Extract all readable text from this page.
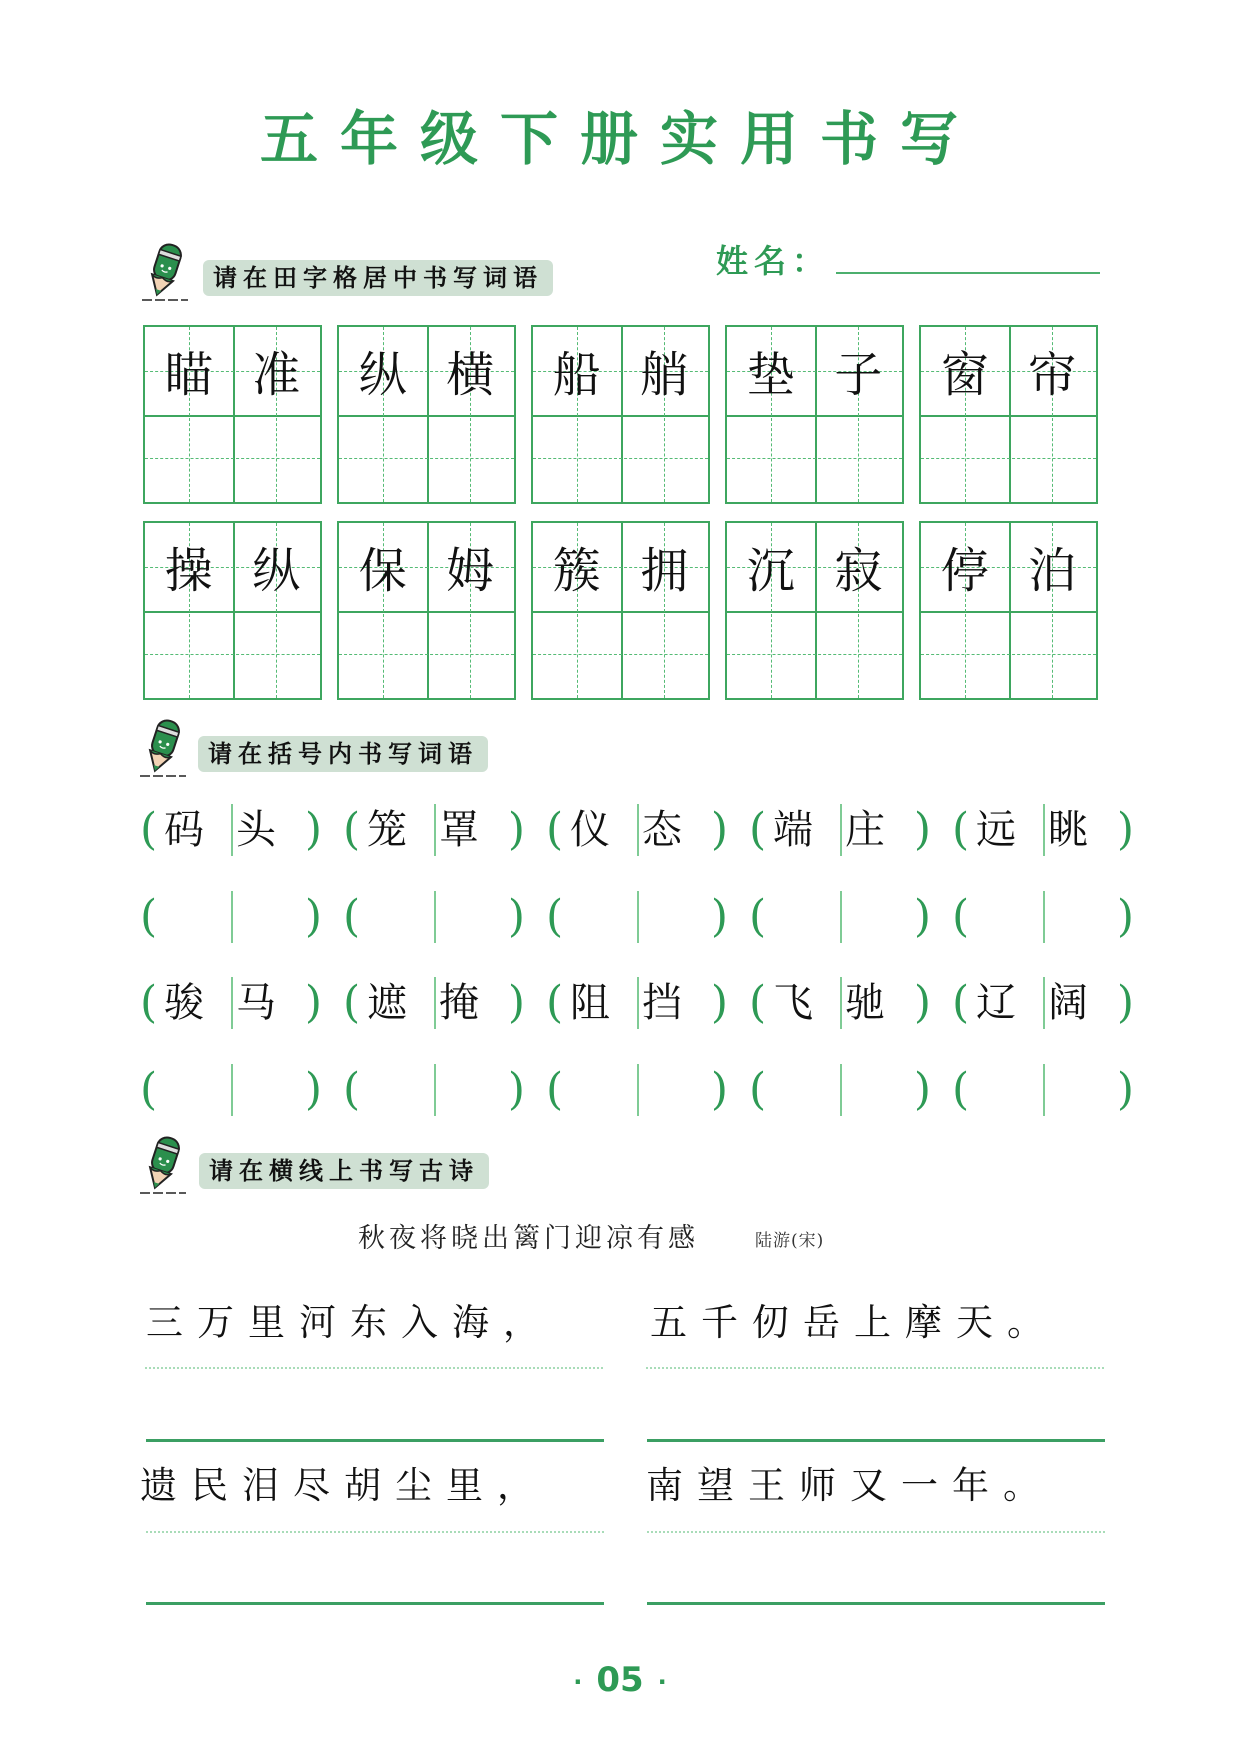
五年级下册实用书写
请在田字格居中书写词语	姓名：
瞄 准	纵 横	船 艄	垫 子	窗 帘
操 纵	保 姆	簇 拥	沉 寂	停 泊
请在括号内书写词语
( 码 头 ) ( 笼 罩 ) ( 仪 态 ) ( 端 庄 ) ( 远 眺 )
(	) (	) (	) (	) (	)
( 骏 马 ) ( 遮 掩 ) ( 阻 挡 ) ( 飞 驰 ) ( 辽 阔 )
(	) (	) (	) (	) (	)
请在横线上书写古诗
秋夜将晓出篱门迎凉有感	陆游(宋)
三万里河东入海，	五千仞岳上摩天。
遗民泪尽胡尘里，	南望王师又一年。
· 05 ·
